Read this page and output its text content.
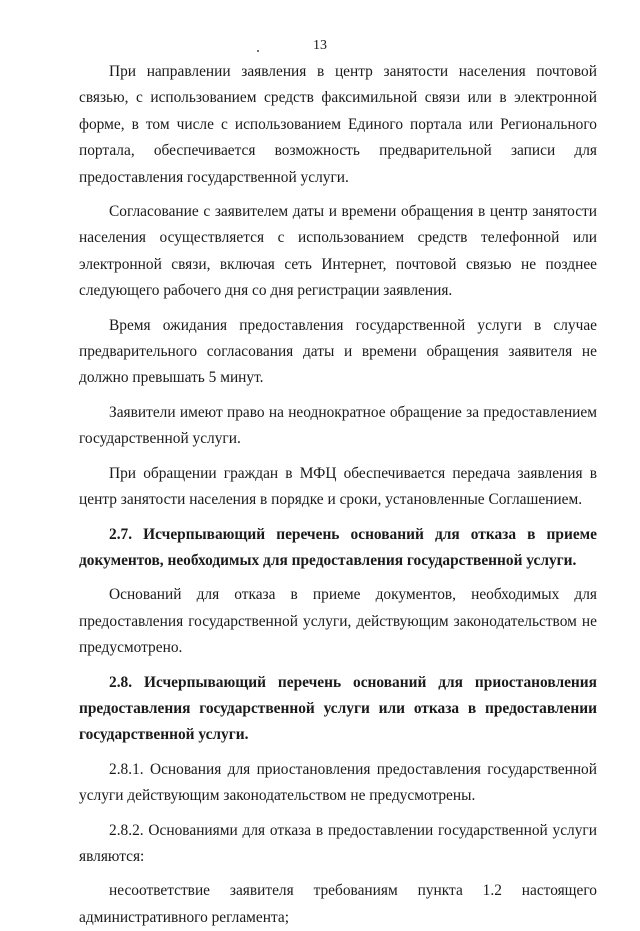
13

При направлении заявления в центр занятости населения почтовой связью, с использованием средств факсимильной связи или в электронной форме, в том числе с использованием Единого портала или Регионального портала, обеспечивается возможность предварительной записи для предоставления государственной услуги.

Согласование с заявителем даты и времени обращения в центр занятости населения осуществляется с использованием средств телефонной или электронной связи, включая сеть Интернет, почтовой связью не позднее следующего рабочего дня со дня регистрации заявления.

Время ожидания предоставления государственной услуги в случае предварительного согласования даты и времени обращения заявителя не должно превышать 5 минут.

Заявители имеют право на неоднократное обращение за предоставлением государственной услуги.

При обращении граждан в МФЦ обеспечивается передача заявления в центр занятости населения в порядке и сроки, установленные Соглашением.

2.7. Исчерпывающий перечень оснований для отказа в приеме документов, необходимых для предоставления государственной услуги.

Оснований для отказа в приеме документов, необходимых для предоставления государственной услуги, действующим законодательством не предусмотрено.

2.8. Исчерпывающий перечень оснований для приостановления предоставления государственной услуги или отказа в предоставлении государственной услуги.

2.8.1. Основания для приостановления предоставления государственной услуги действующим законодательством не предусмотрены.

2.8.2. Основаниями для отказа в предоставлении государственной услуги являются:

несоответствие заявителя требованиям пункта 1.2 настоящего административного регламента;
